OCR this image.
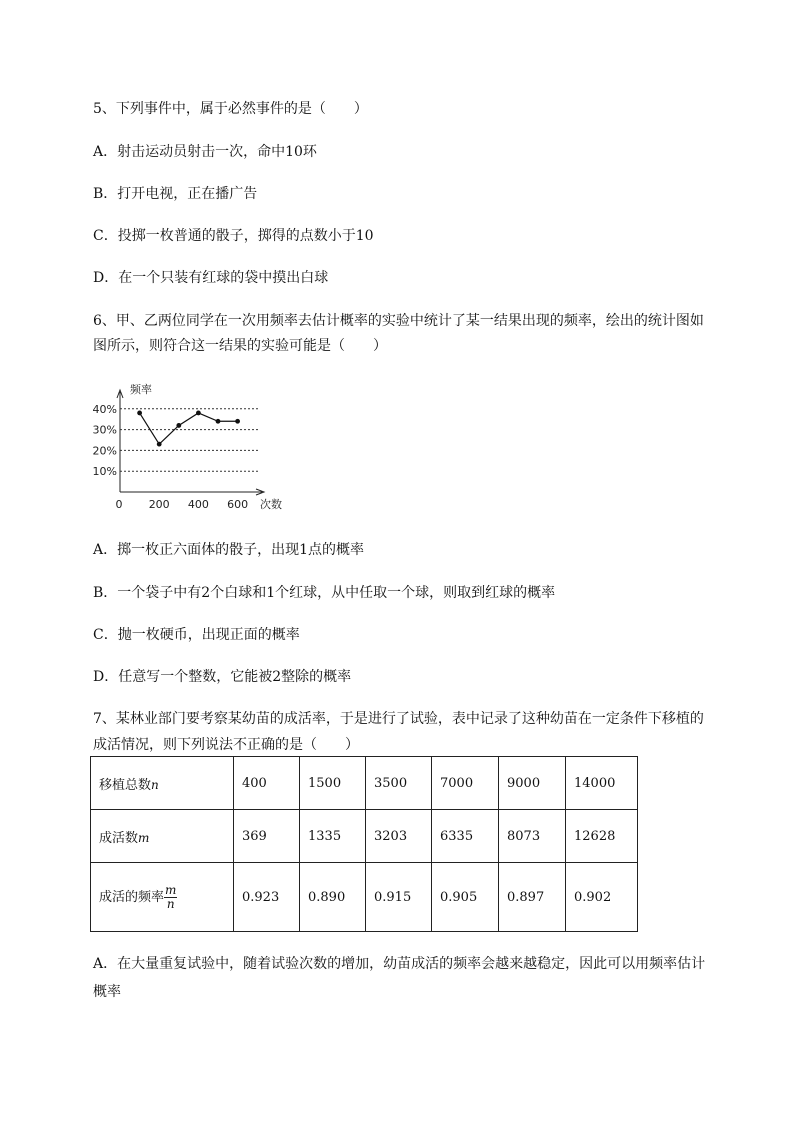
5、下列事件中，属于必然事件的是（　　）
A．射击运动员射击一次，命中10环
B．打开电视，正在播广告
C．投掷一枚普通的骰子，掷得的点数小于10
D．在一个只装有红球的袋中摸出白球
6、甲、乙两位同学在一次用频率去估计概率的实验中统计了某一结果出现的频率，绘出的统计图如
图所示，则符合这一结果的实验可能是（　　）
10%
20%
30%
40%
0 200 400 600
频率
次数
A．掷一枚正六面体的骰子，出现1点的概率
B．一个袋子中有2个白球和1个红球，从中任取一个球，则取到红球的概率
C．抛一枚硬币，出现正面的概率
D．任意写一个整数，它能被2整除的概率
7、某林业部门要考察某幼苗的成活率，于是进行了试验，表中记录了这种幼苗在一定条件下移植的
成活情况，则下列说法不正确的是（　　）
移植总数n	400	1500	3500	7000	9000	14000
成活数m	369	1335	3203	6335	8073	12628
成活的频率 $\frac{m}{n}$	0.923	0.890	0.915	0.905	0.897	0.902
A．在大量重复试验中，随着试验次数的增加，幼苗成活的频率会越来越稳定，因此可以用频率估计
概率
